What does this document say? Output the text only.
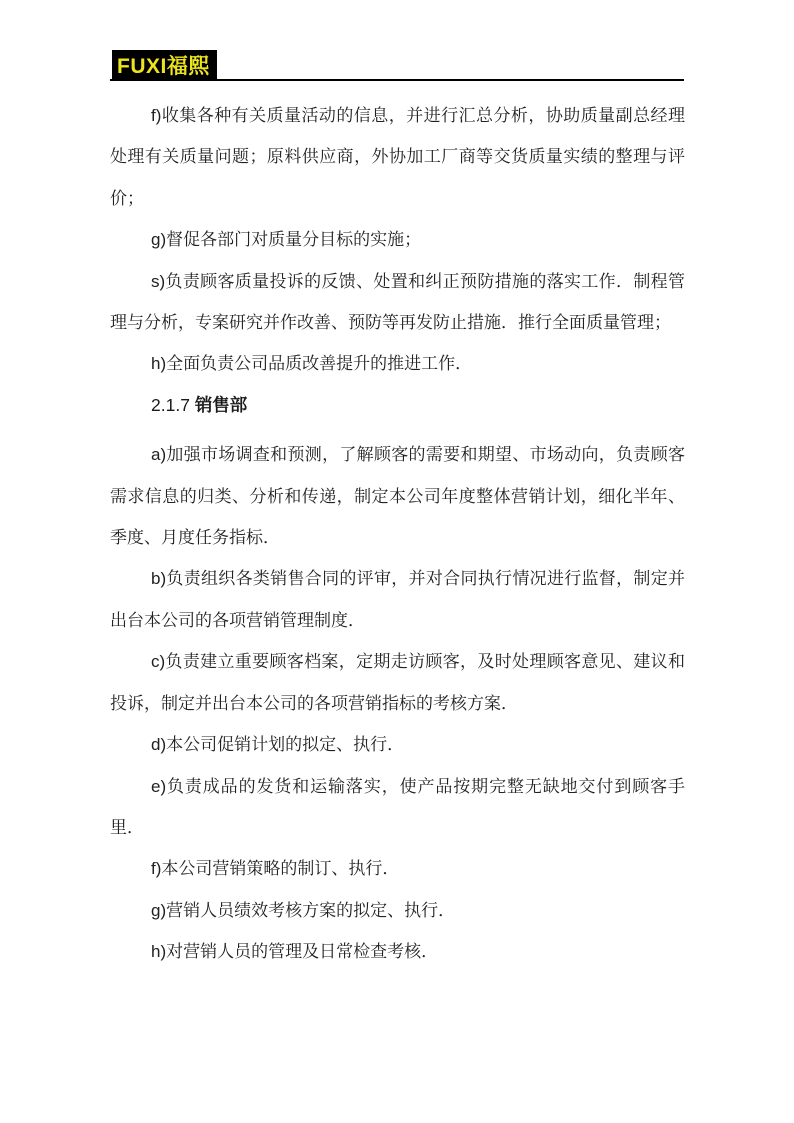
FUXI福熙

f)收集各种有关质量活动的信息，并进行汇总分析，协助质量副总经理处理有关质量问题；原料供应商，外协加工厂商等交货质量实绩的整理与评价；

g)督促各部门对质量分目标的实施；

s)负责顾客质量投诉的反馈、处置和纠正预防措施的落实工作．制程管理与分析，专案研究并作改善、预防等再发防止措施．推行全面质量管理；

h)全面负责公司品质改善提升的推进工作．

2.1.7 销售部

a)加强市场调查和预测，了解顾客的需要和期望、市场动向，负责顾客需求信息的归类、分析和传递，制定本公司年度整体营销计划，细化半年、季度、月度任务指标．

b)负责组织各类销售合同的评审，并对合同执行情况进行监督，制定并出台本公司的各项营销管理制度．

c)负责建立重要顾客档案，定期走访顾客，及时处理顾客意见、建议和投诉，制定并出台本公司的各项营销指标的考核方案．

d)本公司促销计划的拟定、执行．

e)负责成品的发货和运输落实，使产品按期完整无缺地交付到顾客手里．

f)本公司营销策略的制订、执行．

g)营销人员绩效考核方案的拟定、执行．

h)对营销人员的管理及日常检查考核．
